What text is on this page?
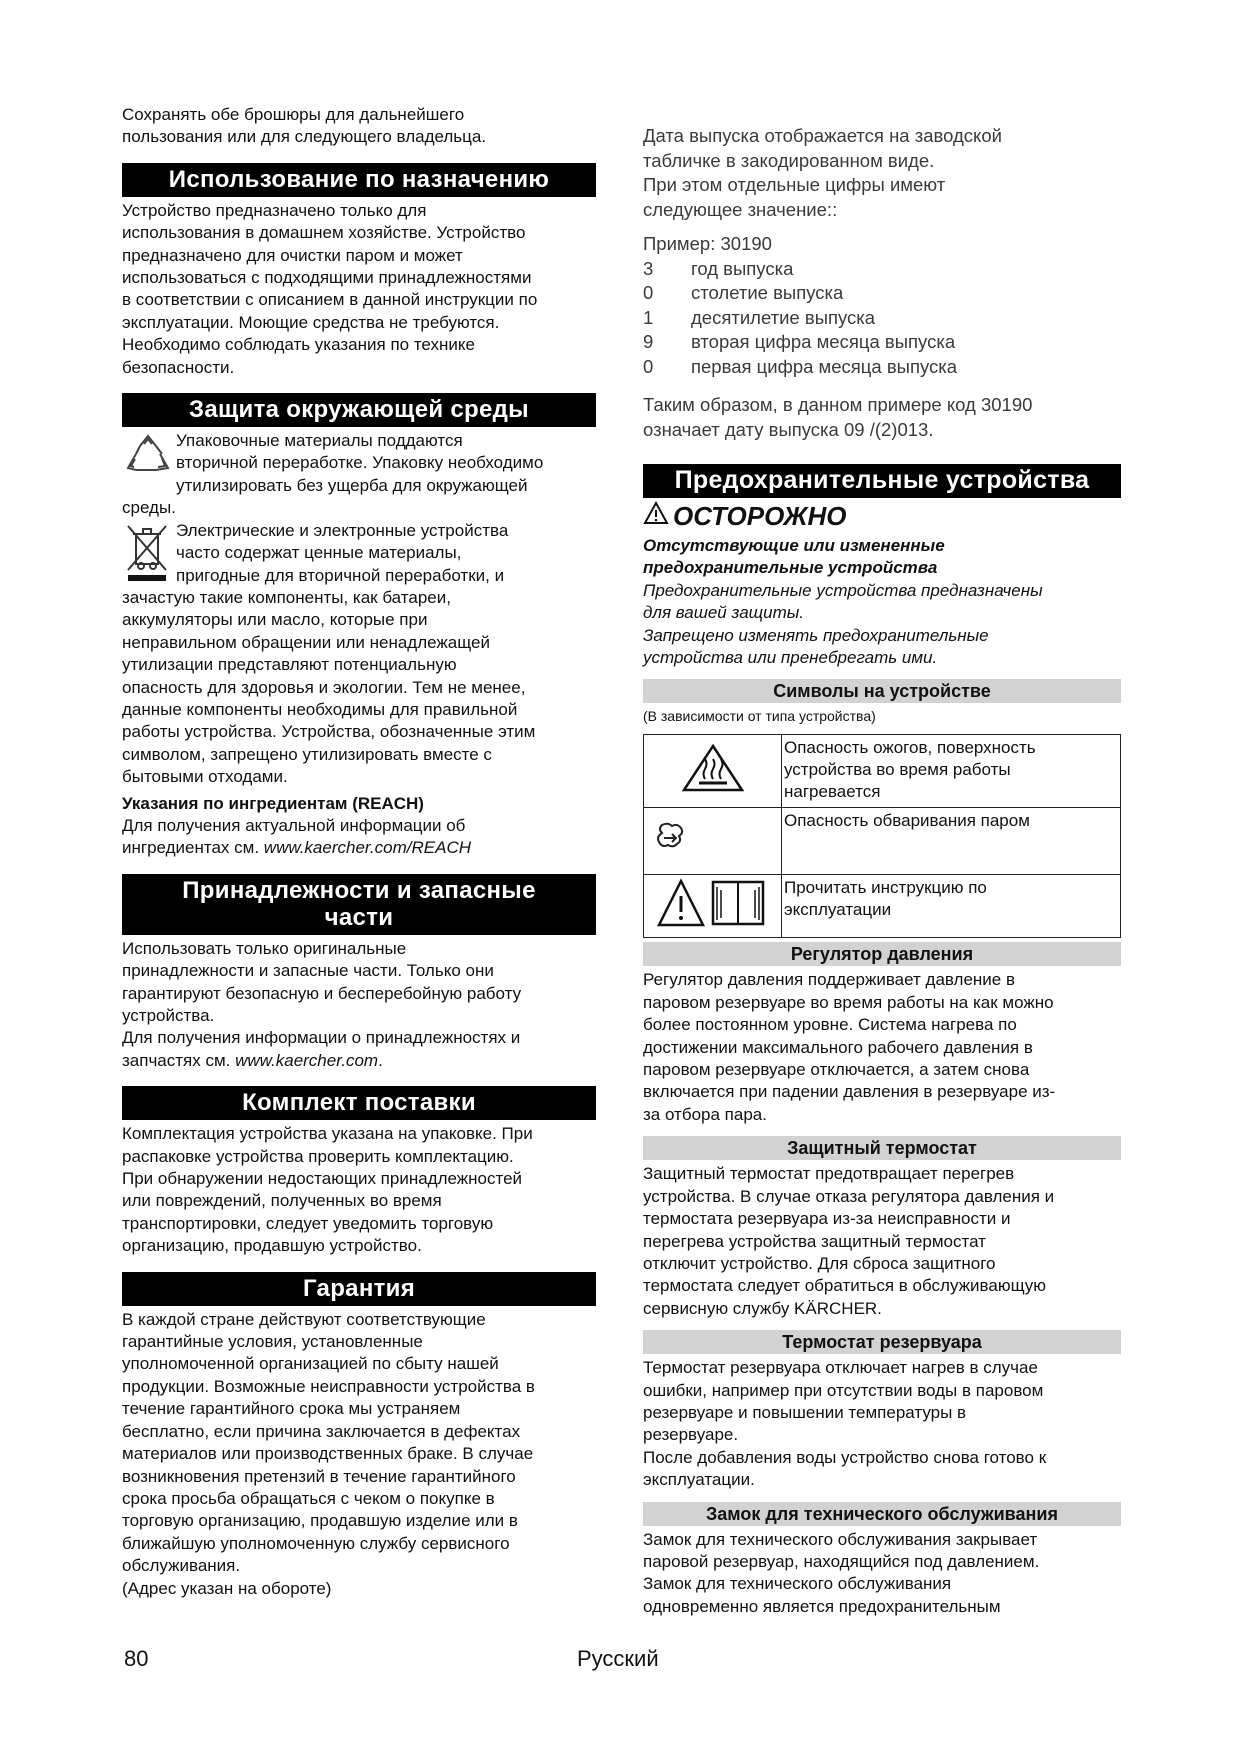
Сохранять обе брошюры для дальнейшего

пользования или для следующего владельца.

Использование по назначению

Устройство предназначено только для

использования в домашнем хозяйстве. Устройство

предназначено для очистки паром и может

использоваться с подходящими принадлежностями

в соответствии с описанием в данной инструкции по

эксплуатации. Моющие средства не требуются.

Необходимо соблюдать указания по технике

безопасности.

Защита окружающей среды

Упаковочные материалы поддаются

вторичной переработке. Упаковку необходимо

утилизировать без ущерба для окружающей

среды.

Электрические и электронные устройства

часто содержат ценные материалы,

пригодные для вторичной переработки, и

зачастую такие компоненты, как батареи,

аккумуляторы или масло, которые при

неправильном обращении или ненадлежащей

утилизации представляют потенциальную

опасность для здоровья и экологии. Тем не менее,

данные компоненты необходимы для правильной

работы устройства. Устройства, обозначенные этим

символом, запрещено утилизировать вместе с

бытовыми отходами.

Указания по ингредиентам (REACH)

Для получения актуальной информации об

ингредиентах см. www.kaercher.com/REACH

Принадлежности и запасные
части

Использовать только оригинальные

принадлежности и запасные части. Только они

гарантируют безопасную и бесперебойную работу

устройства.

Для получения информации о принадлежностях и

запчастях см. www.kaercher.com.

Комплект поставки

Комплектация устройства указана на упаковке. При

распаковке устройства проверить комплектацию.

При обнаружении недостающих принадлежностей

или повреждений, полученных во время

транспортировки, следует уведомить торговую

организацию, продавшую устройство.

Гарантия

В каждой стране действуют соответствующие

гарантийные условия, установленные

уполномоченной организацией по сбыту нашей

продукции. Возможные неисправности устройства в

течение гарантийного срока мы устраняем

бесплатно, если причина заключается в дефектах

материалов или производственных браке. В случае

возникновения претензий в течение гарантийного

срока просьба обращаться с чеком о покупке в

торговую организацию, продавшую изделие или в

ближайшую уполномоченную службу сервисного

обслуживания.

(Адрес указан на обороте)

Дата выпуска отображается на заводской

табличке в закодированном виде.

При этом отдельные цифры имеют

следующее значение::

Пример: 30190

3	год выпуска
0	столетие выпуска
1	десятилетие выпуска
9	вторая цифра месяца выпуска
0	первая цифра месяца выпуска

Таким образом, в данном примере код 30190

означает дату выпуска 09 /(2)013.

Предохранительные устройства
ОСТОРОЖНО

Отсутствующие или измененные

предохранительные устройства

Предохранительные устройства предназначены

для вашей защиты.

Запрещено изменять предохранительные

устройства или пренебрегать ими.

Символы на устройстве

(В зависимости от типа устройства)

Опасность ожогов, поверхность
устройства во время работы
нагревается

Опасность обваривания паром

Прочитать инструкцию по
эксплуатации
Регулятор давления

Регулятор давления поддерживает давление в

паровом резервуаре во время работы на как можно

более постоянном уровне. Система нагрева по

достижении максимального рабочего давления в

паровом резервуаре отключается, а затем снова

включается при падении давления в резервуаре из-

за отбора пара.

Защитный термостат

Защитный термостат предотвращает перегрев

устройства. В случае отказа регулятора давления и

термостата резервуара из-за неисправности и

перегрева устройства защитный термостат

отключит устройство. Для сброса защитного

термостата следует обратиться в обслуживающую

сервисную службу KÄRCHER.

Термостат резервуара

Термостат резервуара отключает нагрев в случае

ошибки, например при отсутствии воды в паровом

резервуаре и повышении температуры в

резервуаре.

После добавления воды устройство снова готово к

эксплуатации.

Замок для технического обслуживания

Замок для технического обслуживания закрывает

паровой резервуар, находящийся под давлением.

Замок для технического обслуживания

одновременно является предохранительным

80	Русский
